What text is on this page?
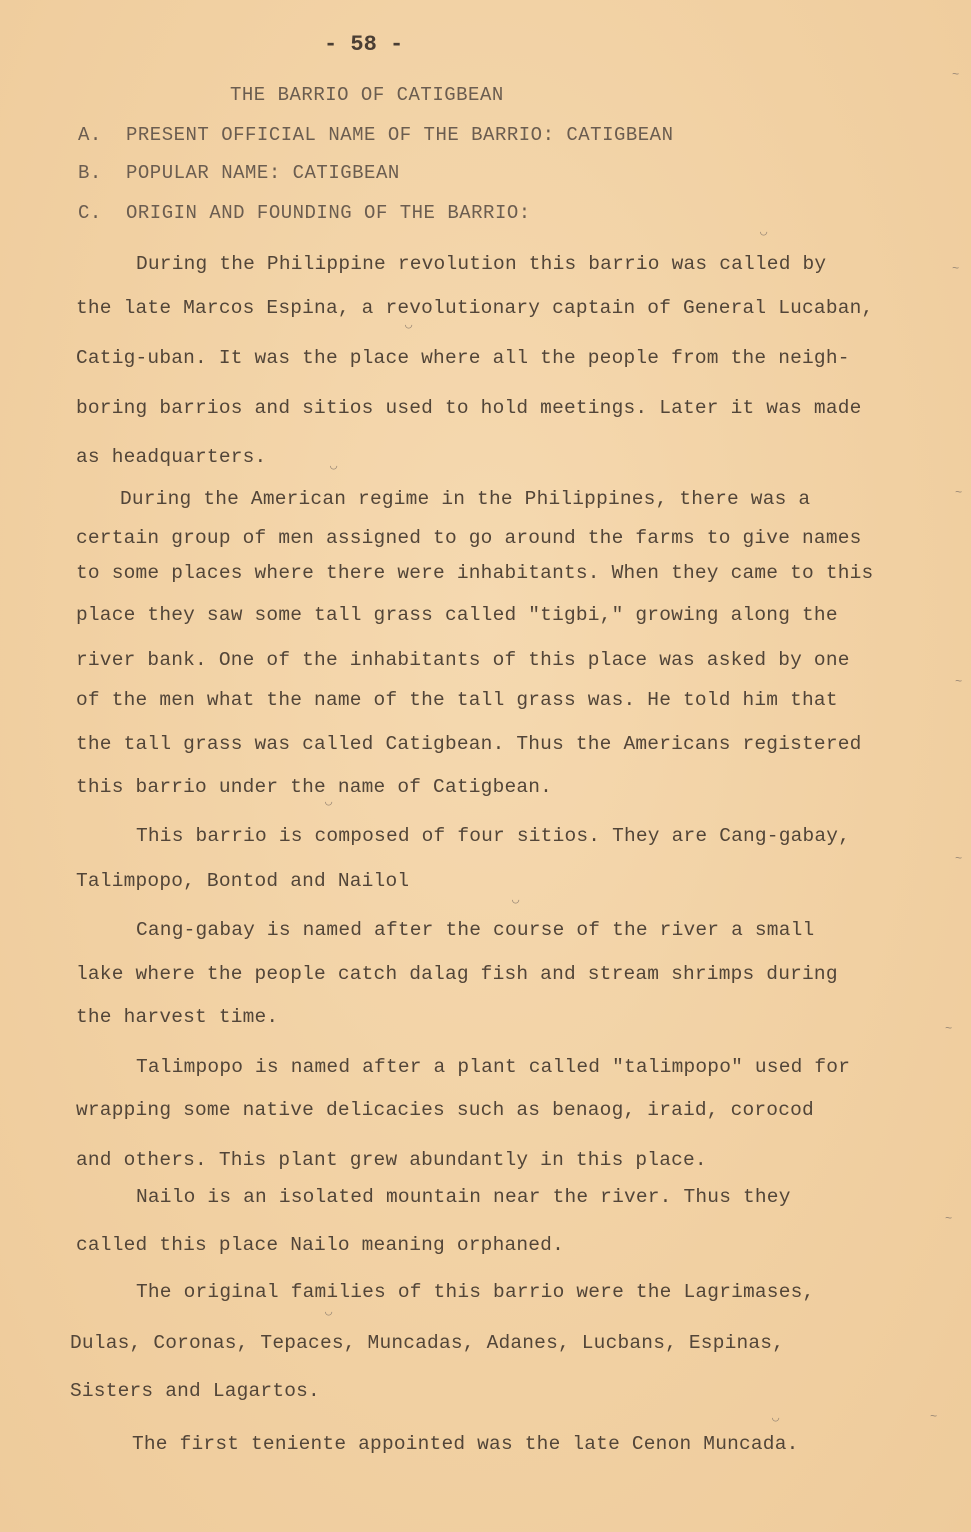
- 58 -
THE BARRIO OF CATIGBEAN
A. PRESENT OFFICIAL NAME OF THE BARRIO: CATIGBEAN
B. POPULAR NAME: CATIGBEAN
C. ORIGIN AND FOUNDING OF THE BARRIO:
During the Philippine revolution this barrio was called by
the late Marcos Espina, a revolutionary captain of General Lucaban,
Catig-uban. It was the place where all the people from the neigh-
boring barrios and sitios used to hold meetings. Later it was made
as headquarters.
During the American regime in the Philippines, there was a
certain group of men assigned to go around the farms to give names
to some places where there were inhabitants. When they came to this
place they saw some tall grass called "tigbi," growing along the
river bank. One of the inhabitants of this place was asked by one
of the men what the name of the tall grass was. He told him that
the tall grass was called Catigbean. Thus the Americans registered
this barrio under the name of Catigbean.
This barrio is composed of four sitios. They are Cang-gabay,
Talimpopo, Bontod and Nailol
Cang-gabay is named after the course of the river a small
lake where the people catch dalag fish and stream shrimps during
the harvest time.
Talimpopo is named after a plant called "talimpopo" used for
wrapping some native delicacies such as benaog, iraid, corocod
and others. This plant grew abundantly in this place.
Nailo is an isolated mountain near the river. Thus they
called this place Nailo meaning orphaned.
The original families of this barrio were the Lagrimases,
Dulas, Coronas, Tepaces, Muncadas, Adanes, Lucbans, Espinas,
Sisters and Lagartos.
The first teniente appointed was the late Cenon Muncada.
~
~
~
~
~
~
~
~
◡
◡
◡
◡
◡
◡
◡
